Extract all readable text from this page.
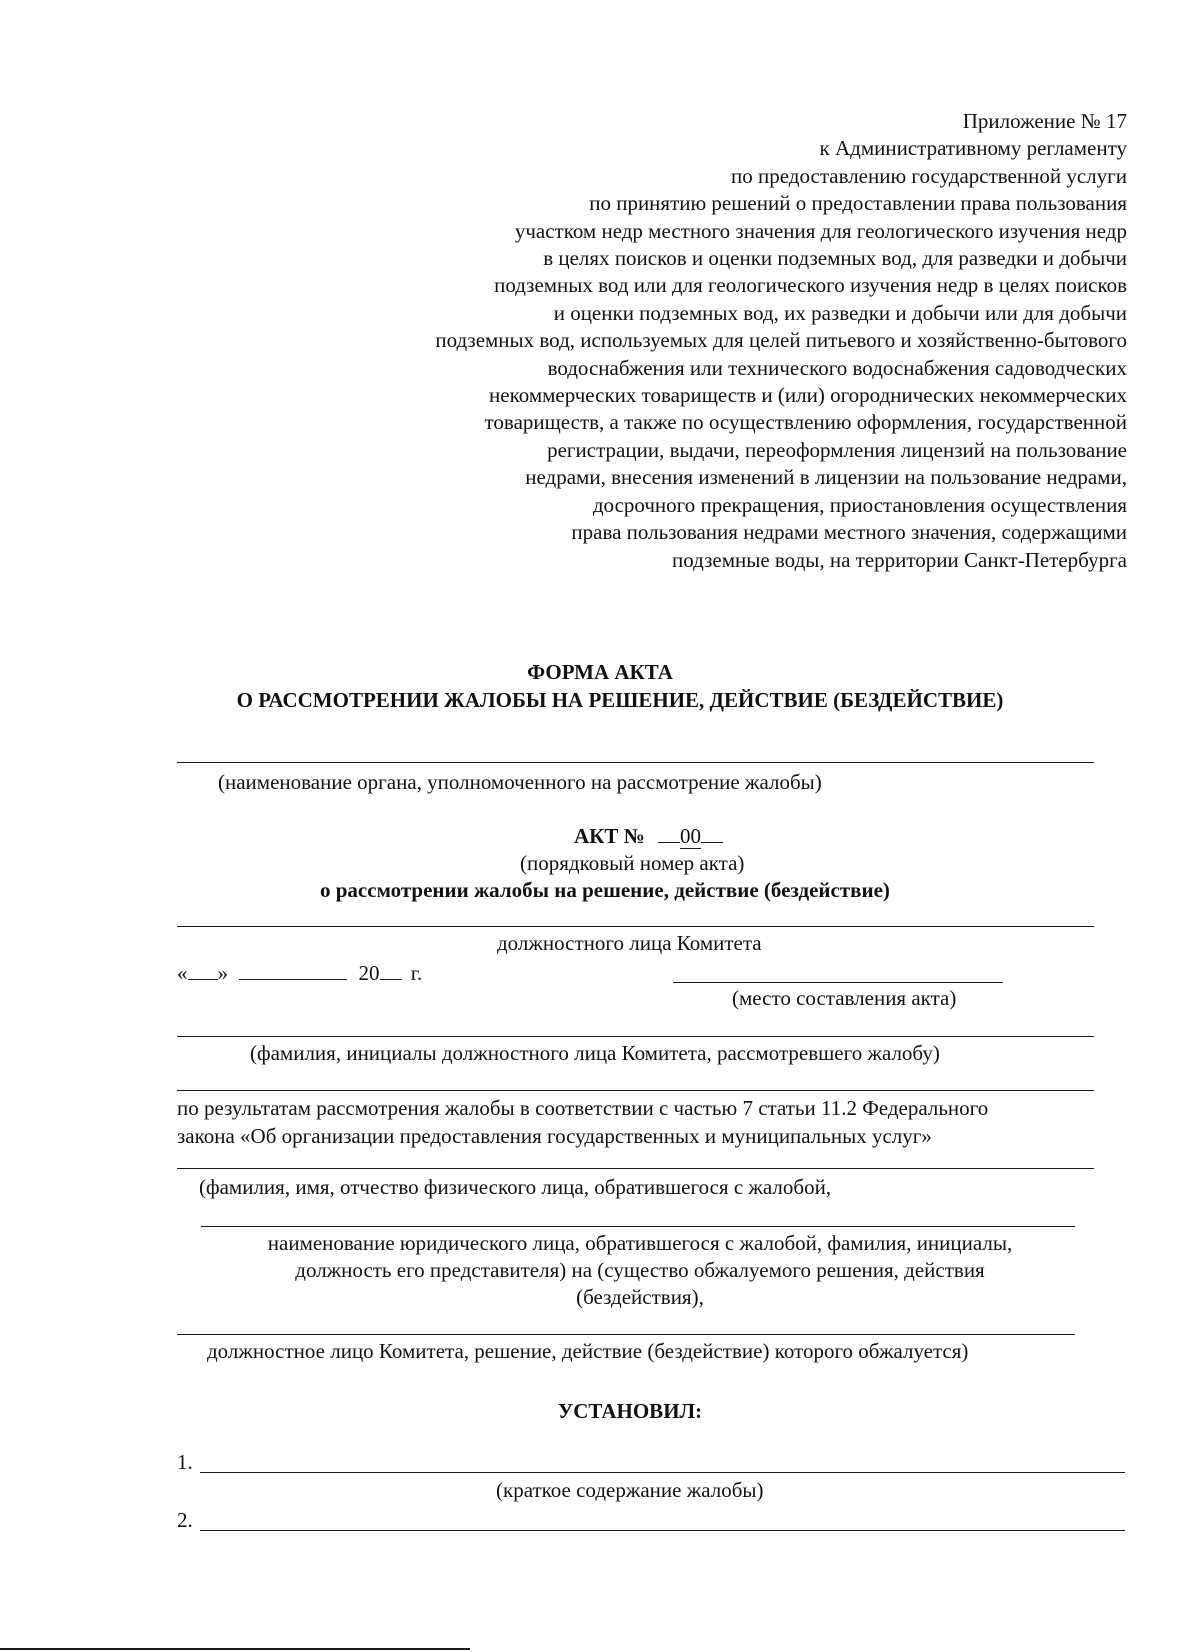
Приложение № 17
к Административному регламенту
по предоставлению государственной услуги
по принятию решений о предоставлении права пользования
участком недр местного значения для геологического изучения недр
в целях поисков и оценки подземных вод, для разведки и добычи
подземных вод или для геологического изучения недр в целях поисков
и оценки подземных вод, их разведки и добычи или для добычи
подземных вод, используемых для целей питьевого и хозяйственно-бытового
водоснабжения или технического водоснабжения садоводческих
некоммерческих товариществ и (или) огороднических некоммерческих
товариществ, а также по осуществлению оформления, государственной
регистрации, выдачи, переоформления лицензий на пользование
недрами, внесения изменений в лицензии на пользование недрами,
досрочного прекращения, приостановления осуществления
права пользования недрами местного значения, содержащими
подземные воды, на территории Санкт-Петербурга
ФОРМА АКТА
О РАССМОТРЕНИИ ЖАЛОБЫ НА РЕШЕНИЕ, ДЕЙСТВИЕ (БЕЗДЕЙСТВИЕ)
(наименование органа, уполномоченного на рассмотрение жалобы)
АКТ № 00
(порядковый номер акта)
о рассмотрении жалобы на решение, действие (бездействие)
должностного лица Комитета
« »	20 г.
(место составления акта)
(фамилия, инициалы должностного лица Комитета, рассмотревшего жалобу)
по результатам рассмотрения жалобы в соответствии с частью 7 статьи 11.2 Федерального
закона «Об организации предоставления государственных и муниципальных услуг»
(фамилия, имя, отчество физического лица, обратившегося с жалобой,
наименование юридического лица, обратившегося с жалобой, фамилия, инициалы,
должность его представителя) на (существо обжалуемого решения, действия
(бездействия),
должностное лицо Комитета, решение, действие (бездействие) которого обжалуется)
УСТАНОВИЛ:
1.
(краткое содержание жалобы)
2.
